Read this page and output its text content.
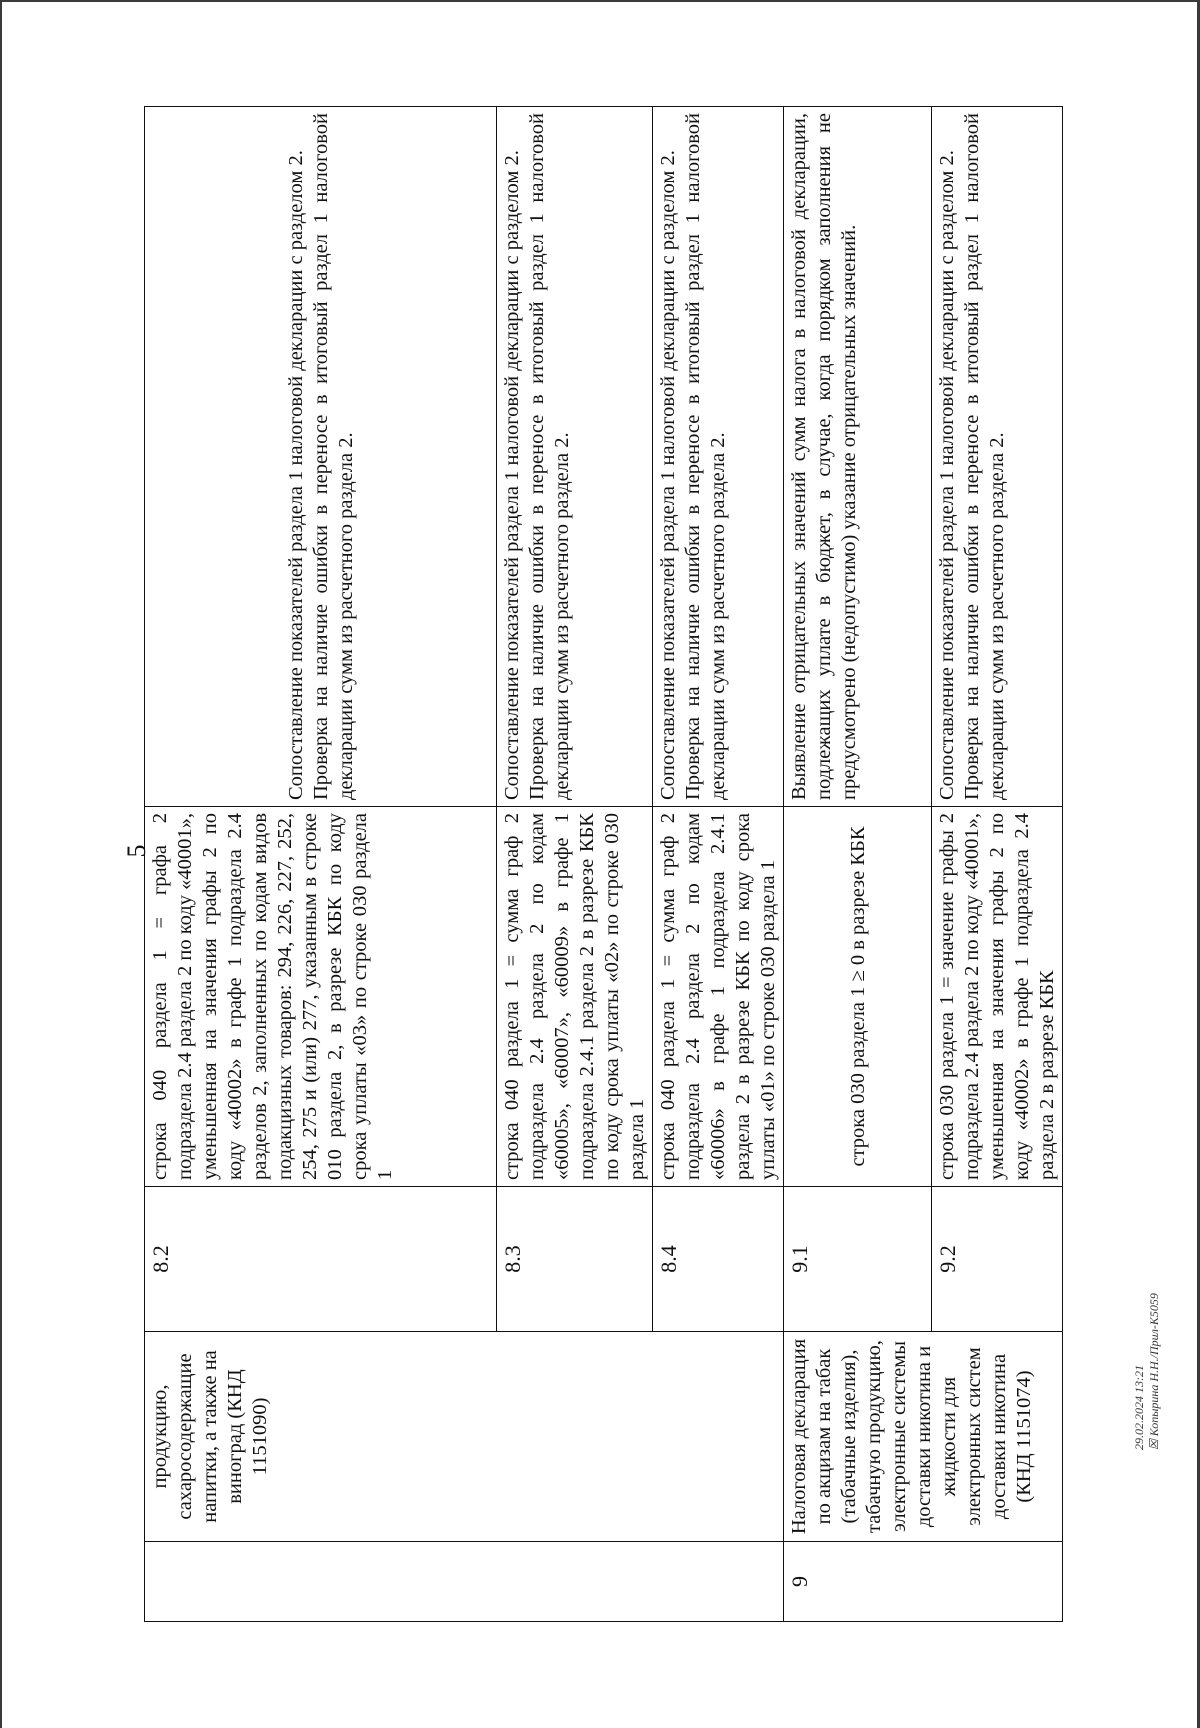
5
	продукцию, сахаросодержащие напитки, а также на виноград (КНД 1151090)	8.2	строка 040 раздела 1 = графа 2 подраздела 2.4 раздела 2 по коду «40001», уменьшенная на значения графы 2 по коду «40002» в графе 1 подраздела 2.4 разделов 2, заполненных по кодам видов подакцизных товаров: 294, 226, 227, 252, 254, 275 и (или) 277, указанным в строке 010 раздела 2, в разрезе КБК по коду срока уплаты «03» по строке 030 раздела 1	Сопоставление показателей раздела 1 налоговой декларации с разделом 2. Проверка на наличие ошибки в переносе в итоговый раздел 1 налоговой декларации сумм из расчетного раздела 2.

		8.3	строка 040 раздела 1 = сумма граф 2 подраздела 2.4 раздела 2 по кодам «60005», «60007», «60009» в графе 1 подраздела 2.4.1 раздела 2 в разрезе КБК по коду срока уплаты «02» по строке 030 раздела 1	Сопоставление показателей раздела 1 налоговой декларации с разделом 2. Проверка на наличие ошибки в переносе в итоговый раздел 1 налоговой декларации сумм из расчетного раздела 2.

		8.4	строка 040 раздела 1 = сумма граф 2 подраздела 2.4 раздела 2 по кодам «60006» в графе 1 подраздела 2.4.1 раздела 2 в разрезе КБК по коду срока уплаты «01» по строке 030 раздела 1	Сопоставление показателей раздела 1 налоговой декларации с разделом 2. Проверка на наличие ошибки в переносе в итоговый раздел 1 налоговой декларации сумм из расчетного раздела 2.

9	Налоговая декларация по акцизам на табак (табачные изделия), табачную продукцию, электронные системы доставки никотина и жидкости для электронных систем доставки никотина (КНД 1151074)	9.1	строка 030 раздела 1 ≥ 0 в разрезе КБК	Выявление отрицательных значений сумм налога в налоговой декларации, подлежащих уплате в бюджет, в случае, когда порядком заполнения не предусмотрено (недопустимо) указание отрицательных значений.

		9.2	строка 030 раздела 1 = значение графы 2 подраздела 2.4 раздела 2 по коду «40001», уменьшенная на значения графы 2 по коду «40002» в графе 1 подраздела 2.4 раздела 2 в разрезе КБК	Сопоставление показателей раздела 1 налоговой декларации с разделом 2. Проверка на наличие ошибки в переносе в итоговый раздел 1 налоговой декларации сумм из расчетного раздела 2.

29.02.2024 13:21 ☒ Копырина Н.Н./Прил-К5059
